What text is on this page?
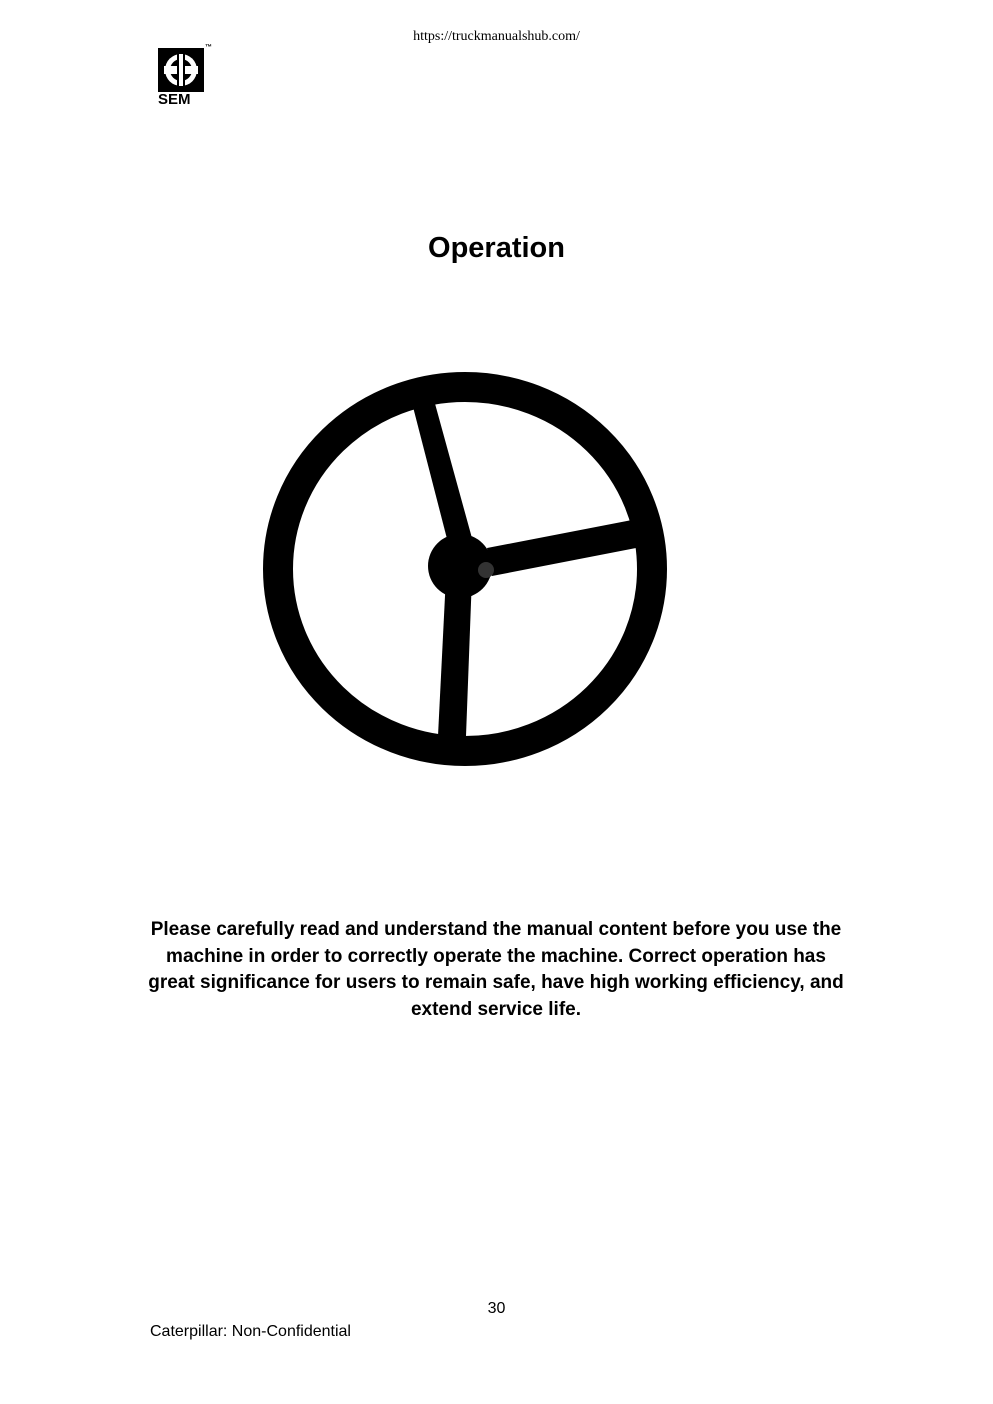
https://truckmanualshub.com/
™
SEM
Operation

Please carefully read and understand the manual content before you use the machine in order to correctly operate the machine. Correct operation has great significance for users to remain safe, have high working efficiency, and extend service life.

30
Caterpillar: Non-Confidential
